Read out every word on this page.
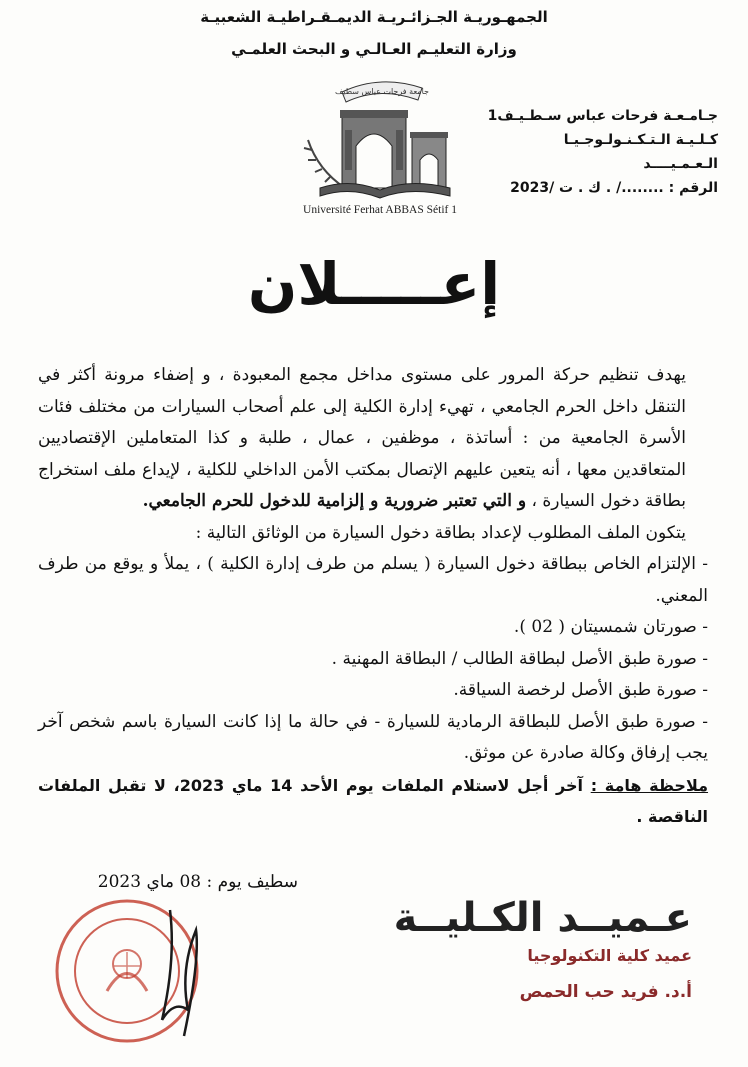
الجمهـوريـة الجـزائـريـة الديمـقـراطيـة الشعبيـة
وزارة التعليـم العـالـي و البحث العلمـي
جـامـعـة فرحات عباس سـطـيـف1
كـلـيـة الـتـكـنـولـوجـيـا
الـعـمـيــــد
الرقم : ......../ . ك . ت /2023
جامعة فرحات عباس سطيف
Université Ferhat ABBAS Sétif 1
إعـــــلان

يهدف تنظيم حركة المرور على مستوى مداخل مجمع المعبودة ، و إضفاء مرونة أكثر في التنقل داخل الحرم الجامعي ، تهيء إدارة الكلية إلى علم أصحاب السيارات من مختلف فئات الأسرة الجامعية من : أساتذة ، موظفين ، عمال ، طلبة و كذا المتعاملين الإقتصاديين المتعاقدين معها ، أنه يتعين عليهم الإتصال بمكتب الأمن الداخلي للكلية ، لإيداع ملف استخراج بطاقة دخول السيارة ، و التي تعتبر ضرورية و إلزامية للدخول للحرم الجامعي.

يتكون الملف المطلوب لإعداد بطاقة دخول السيارة من الوثائق التالية :

- الإلتزام الخاص ببطاقة دخول السيارة ( يسلم من طرف إدارة الكلية ) ، يملأ و يوقع من طرف المعني.

- صورتان شمسيتان ( 02 ).

- صورة طبق الأصل لبطاقة الطالب / البطاقة المهنية .

- صورة طبق الأصل لرخصة السياقة.

- صورة طبق الأصل للبطاقة الرمادية للسيارة - في حالة ما إذا كانت السيارة باسم شخص آخر يجب إرفاق وكالة صادرة عن موثق.

ملاحظة هامة : آخر أجل لاستلام الملفات يوم الأحد 14 ماي 2023، لا تقبل الملفات الناقصة .

سطيف يوم : 08 ماي 2023
عـميــد الكـليــة
عميد كلية التكنولوجيا
أ.د. فريد حب الحمص
